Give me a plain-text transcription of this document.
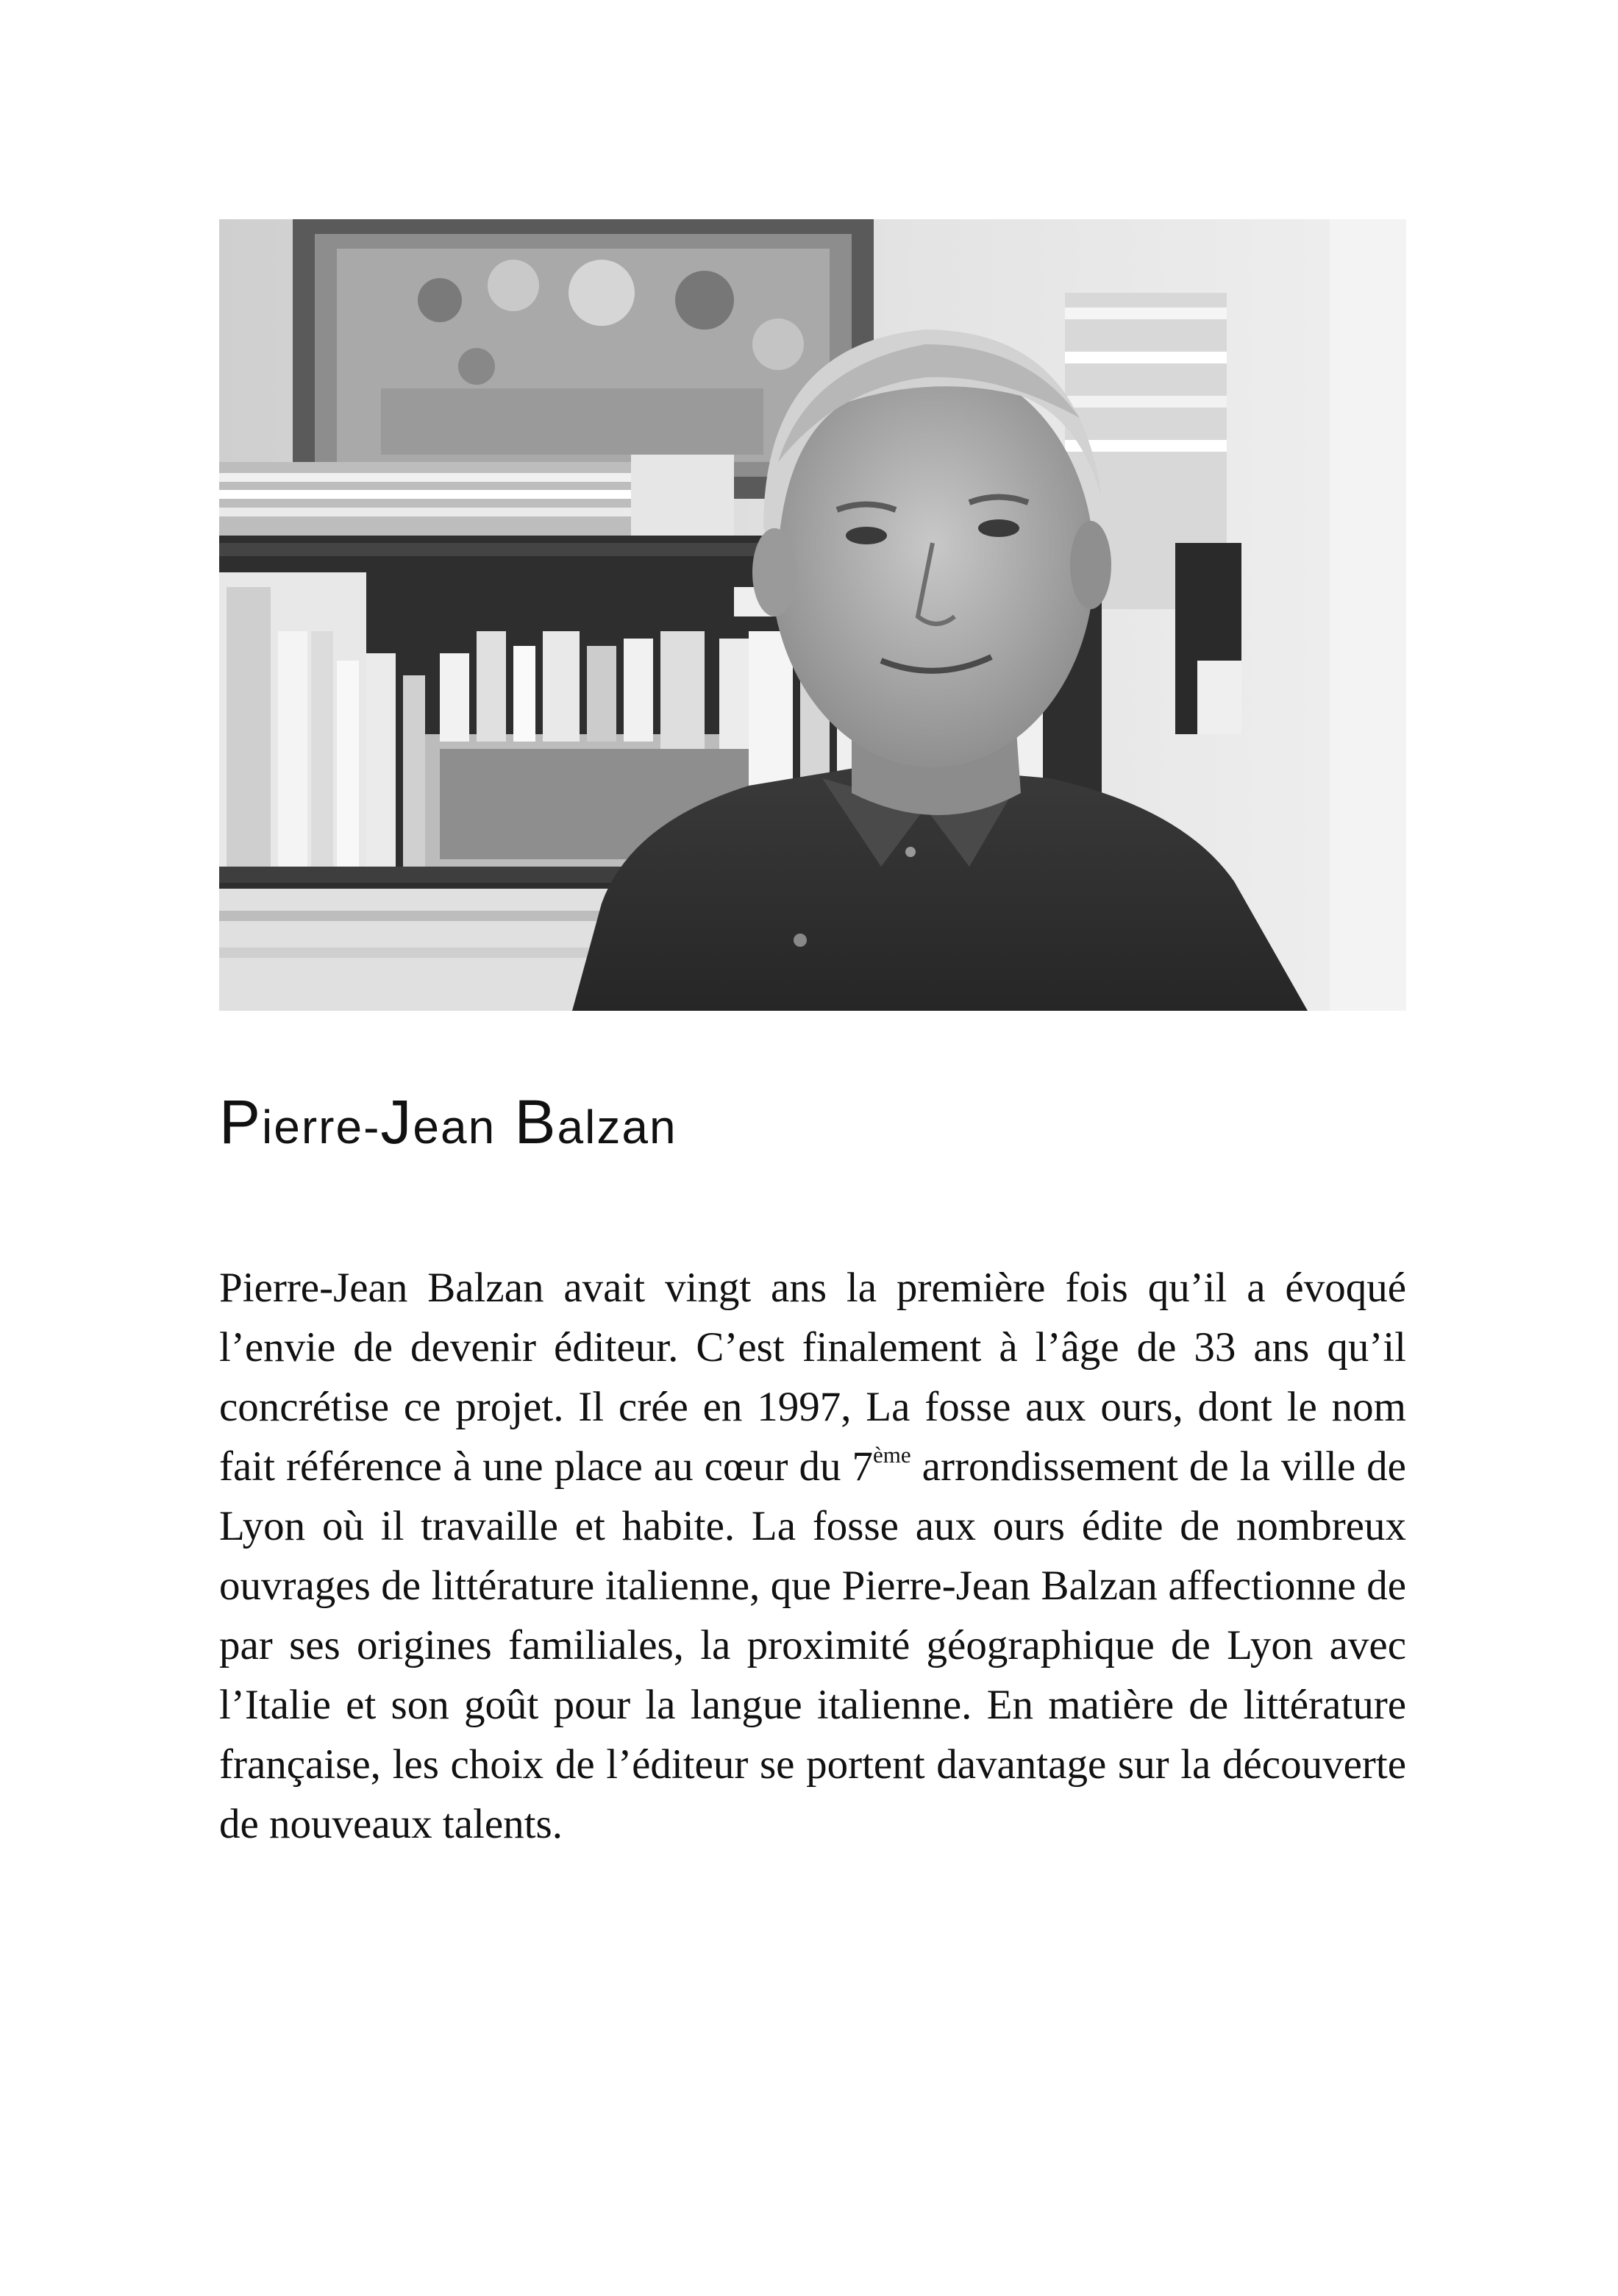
Pierre-Jean Balzan

Pierre-Jean Balzan avait vingt ans la première fois qu’il a évoqué l’envie de devenir éditeur. C’est finalement à l’âge de 33 ans qu’il concrétise ce projet. Il crée en 1997, La fosse aux ours, dont le nom fait référence à une place au cœur du 7ème arrondissement de la ville de Lyon où il travaille et habite. La fosse aux ours édite de nombreux ouvrages de littérature italienne, que Pierre-Jean Balzan affectionne de par ses origines familiales, la proximité géographique de Lyon avec l’Italie et son goût pour la langue italienne. En matière de littérature française, les choix de l’éditeur se portent davantage sur la découverte de nouveaux talents.
